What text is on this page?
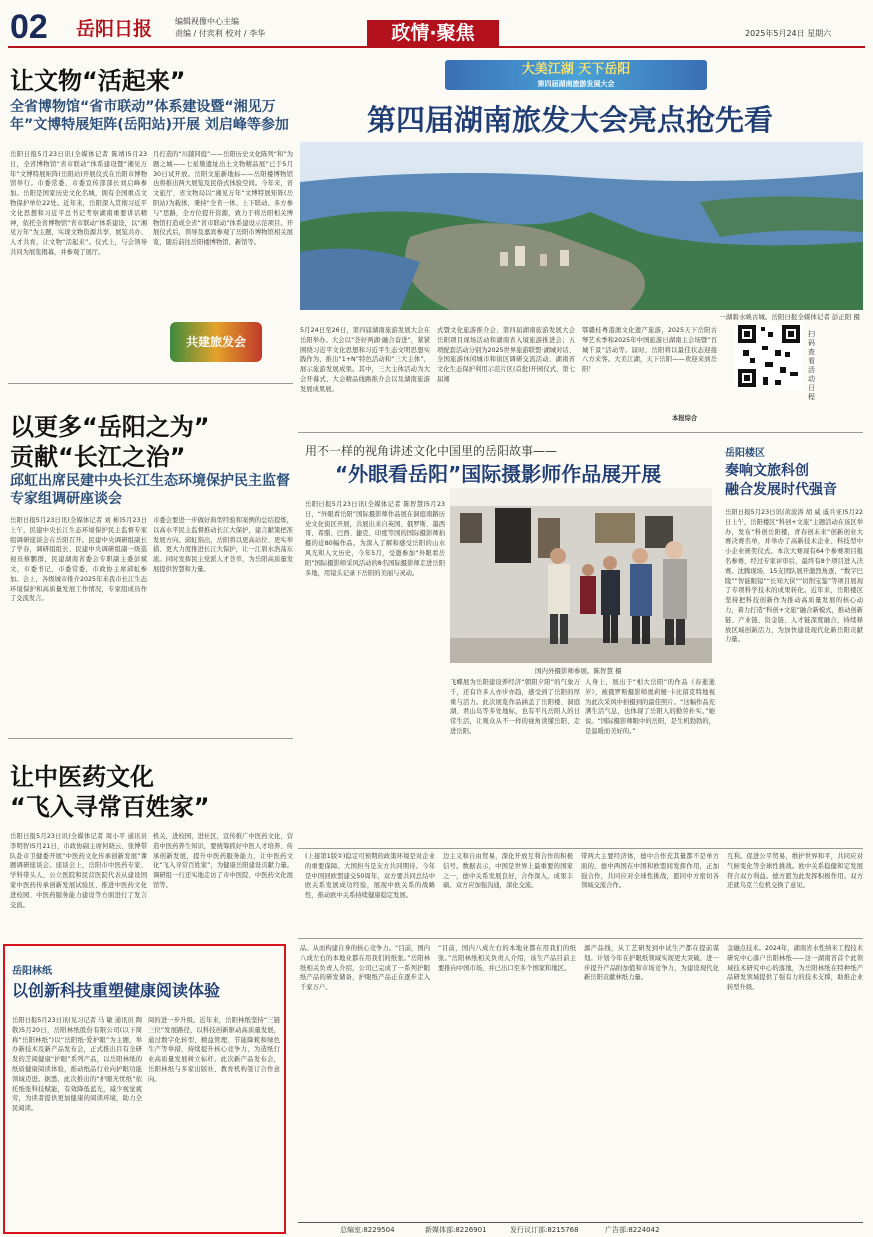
02 岳阳日报	编辑视像中心主编
责编 / 付宾利 校对 / 李华	政情·聚焦	2025年5月24日 星期六
让文物“活起来”
全省博物馆“省市联动”体系建设暨“湘见万年”文博特展矩阵(岳阳站)开展 刘启峰等参加
岳阳日报5月23日讯(全媒体记者 陈靖)5月23日，全省博物馆“省市联动”体系建设暨“湘见万年”文博特展矩阵(岳阳站)开展仪式在岳阳市博物馆举行。市委常委、市委宣传部部长刘启峰参加。岳阳是国家历史文化名城，拥有全国重点文物保护单位22处。近年来，岳阳深入贯彻习近平文化思想和习近平总书记考察湖南重要讲话精神，依托全省博物馆“省市联动”体系建设，以“湘见万年”为主题，实现文物资源共享、展览共办、人才共育，让文物“活起来”。仪式上，与会领导共同为展览揭幕，并参观了展厅。
月打造的“川越同庭”——岳阳历史文化陈列“和”为题之城——七星墩遗址出土文物精品展”已于5月30日试开放。岳阳文旅新地标——岳阳楼博物馆也将推出两大展览及民俗式体验空间。今年来，省文旅厅、省文物局以“湘见万年”文博特展矩阵(岳阳站)为载体，秉持“全省一体、上下联动、多方参与”思路，全方位提升资源，致力于将岳阳相关博物馆打造成全省“省市联动”体系建设示范项目。开展仪式后，领导及嘉宾参观了岳阳市博物馆相关展览，随后前往岳阳楼博物馆、新馆等。
共建旅发会
大美江湖 天下岳阳
第四届湖南旅游发展大会
第四届湖南旅发大会亮点抢先看
一湖碧水映古城。岳阳日报全媒体记者 彭正阳 摄
5月24日至26日，第四届湖南旅游发展大会在岳阳举办。大会以“荟好两湖·融合奋进”，紧紧围绕习近平文化思想和习近平生态文明思想实践作为，推出“1+N”特色活动和“三大主体”，展示旅游发展成果。其中，三大主体活动为大会开幕式、大会精品线路推介会以及湖南旅游发展成果展。
式暨文化旅游推介会、第四届湖南旅游发展大会岳阳项目现场活动和湖南省入境旅游推进会；五项配套活动分别为2025世界旅游联盟·湖城对话、全国旅游休闲城市和街区调研交流活动、湖南省文化生态保护利用示范片区(首批)开园仪式、第七届湘
鄂赣桂粤港澳文化遗产旅游，2025天下岳阳古琴艺术季和2025年中国旅游日湖南主会场暨“百城千景”活动等。届时，岳阳将以最佳状态迎接八方来客。大美江湖，天下岳阳——欢迎来到岳阳！
本报综合
扫码查看活动日程
以更多“岳阳之为”
贡献“长江之治”
邱虹出席民建中央长江生态环境保护民主监督专家组调研座谈会
岳阳日报5月23日讯(全媒体记者 刘 彬)5月23日上午，民建中央长江生态环境保护民主监督专家组调研座谈会在岳阳召开。民建中央调研组副长了学春，调研组组长、民建中央调研组副一级巡视员蔡鹏群，民建湖南省委会专职副主委彭斌文，市委书记、市委常委，市政协主席邱虹参加。会上，各级城市推介2025年来我市长江生态环境保护和高质量发展工作情况，专家组成员作了交流发言。
市委会要进一步做好典型经验和案例的总结提炼，以高水平民主监督推动长江大保护，建言献策把准发展方向。邱虹指出，岳阳将以更高站位、更实举措、更大力度推进长江大保护，让一江碧水浩荡东流。同时发挥民主党派人才荟萃，为岳阳高质量发展提供智慧和力量。
用不一样的视角讲述文化中国里的岳阳故事——
“外眼看岳阳”国际摄影师作品展开展
岳阳日报5月23日讯(全媒体记者 陈智慧)5月23日，“外眼看岳阳”国际摄影师作品展在洞庭南路历史文化街区开展，共展出来自英国、俄罗斯、墨西哥、希腊、巴西、捷克、印度等国的国际摄影师拍摄的近80幅作品。为深入了解和感受岳阳的山水风光和人文历史，今年5月，受邀参加“外眼看岳阳”国际摄影师采风活动的8名国际摄影师走进岳阳多地，用镜头记录下岳阳的美丽与灵动。
国内外摄影师参展。陈智慧 摄
飞蝶展为岳阳建设养经济“朝阳夕阳”的气象万千，还有许多人亦步亦趋，感受到了岳阳的厚重与活力。此次展览作品涵盖了岳阳楼、洞庭湖、君山岛等多处地标，也有平凡岳阳人的日常生活，让观众从不一样的视角读懂岳阳、走进岳阳。
人身上，展出于“相大岳阳”的作品《春逝逝岁》，被俄罗斯摄影师奥莉娅·卡比留克特地视为此次采风中拍摄到的最佳照片。“这幅作品充满生活气息，也体现了岳阳人的勤劳朴实。”她说。“国际摄影师眼中的岳阳，是生机勃勃的，是温暖而美好的。”
岳阳楼区
奏响文旅科创
融合发展时代强音
岳阳日报5月23日讯(黄波涛 胡 威 戚兵亚)5月22日上午，岳阳楼区“科创+文旅”主题活动在该区举办，发布“科创岳阳楼，青春创未来”创新创业大赛决赛名单，并举办了高新技术企业、科技型中小企业颁奖仪式。本次大赛现有64个参赛项目报名参赛，经过专家评审后，最终有8个项目进入决赛。沈腾现场，15支团队展开激烈角逐，“数字巴陵”“智能眼镜”“长知大侠”“切削宝鉴”等项目展现了专项科学技术的成果转化。近年来，岳阳楼区坚持把科技创新作为推动高质量发展的核心动力，着力打造“科创+文旅”融合新模式，推动创新链、产业链、资金链、人才链深度融合，持续释放区域创新活力，为加快建设现代化新岳阳贡献力量。
让中医药文化
“飞入寻常百姓家”
岳阳日报5月23日讯(全媒体记者 周小平 通讯员 李明智)5月21日，市政协副主席何晓云、张博带队赴市卫健委开展“中医药文化传承创新发展”课题调研座谈会。座谈会上，岳阳市中医药专家、学科带头人、公立医院和民营医院代表从建设国家中医药传承创新发展试验区、推进中医药文化进校园、中医药服务能力建设等方面进行了发言交流。
机关，进校园，进社区，宣传推广中医药文化，营造中医药养生知识，要统筹抓好中医人才培养、传承创新发展，提升中医药服务能力，让中医药文化“飞入寻常百姓家”，为健康岳阳建设贡献力量。调研组一行还实地走访了市中医院、中医药文化展馆等。
(上接第1版①)稳定可预期的政策环境是对企业的重要保障。大国担当是友方共同期待。今年是中国回欧盟建交50周年，双方要共同总结中欧关系发展成功经验，展现中欧关系的战略性，推动欧中关系持续健康稳定发展。
边主义和自由贸易，深化开放互利合作的积极信号。数据表示，中国是世界上最重要的国家之一，德中关系发展良好，合作深入，成果丰硕。双方应加强沟通，深化交流。
带两大主要经济体，德中合作充其量都不是单方面的，德中两国在中国和欧盟间发挥作用，正加强合作，共同应对全球性挑战，愿同中方密切各领域交流合作。
互利。促进公平贸易，维护世界和平，共同应对气候变化等全球性挑战。欧中关系稳健和定发展符合双方利益。德方愿为此发挥积极作用。双方还就乌克兰危机交换了意见。
岳阳林纸
以创新科技重塑健康阅读体验
岳阳日报5月23日讯(见习记者 马 敏 通讯员 陶 敬)5月20日，岳阳林纸股份有限公司(以下简称“岳阳林纸”)以“岳阳纸·爱护眼”为主题，举办新技术及新产品发布会，正式推出目有全研发的芝阅健康“护眼”系列产品，以岳阳林纸的纸质健康阅读体验，推动纸品行业向护眼功能领域迈进。据悉，此次推出的“护眼无忧纸”依托纸张科技赋能，有效降低蓝光，减少视觉疲劳，为读者提供更加健康的阅读环境，助力全民阅读。
阅的进一步升级。近年来，岳阳林纸坚持“三链三位”发展路径，以科技创新驱动高质量发展，通过数字化转型、精益管理、节能降耗和绿色生产等举措，持续提升核心竞争力，为造纸行业高质量发展树立标杆。此次新产品发布会，岳阳林纸与多家出版社、教育机构签订合作意向。
品。从而构建自身的核心竞争力。“目前，国内八成左右的本地业都在用我们的纸张。”岳阳林纸相关负责人介绍，公司已完成了一系列护眼纸产品的研发储备，护眼纸产品正在逐步走入千家万户。
“目前，国内八成左右的本地业都在用我们的纸张。”岳阳林纸相关负责人介绍，该生产品目前主要推向中国市场，并已出口至多个国家和地区。
源产品线，从工艺研发到中试生产都在提前谋划。计划今年在护眼纸领域实现更大突破，进一步提升产品附加值和市场竞争力，为建设现代化新岳阳贡献林纸力量。
金融点技术。2024年，湖南省水性纳米工程技术研究中心落户岳阳林纸——这一湖南省首个此领域技术研究中心的落地，为岳阳林纸在特种纸产品研发领域提供了强有力的技术支撑，助推企业转型升级。
总编室:8229504	新媒体部:8226901	发行议订部:8215768	广告部:8224042
